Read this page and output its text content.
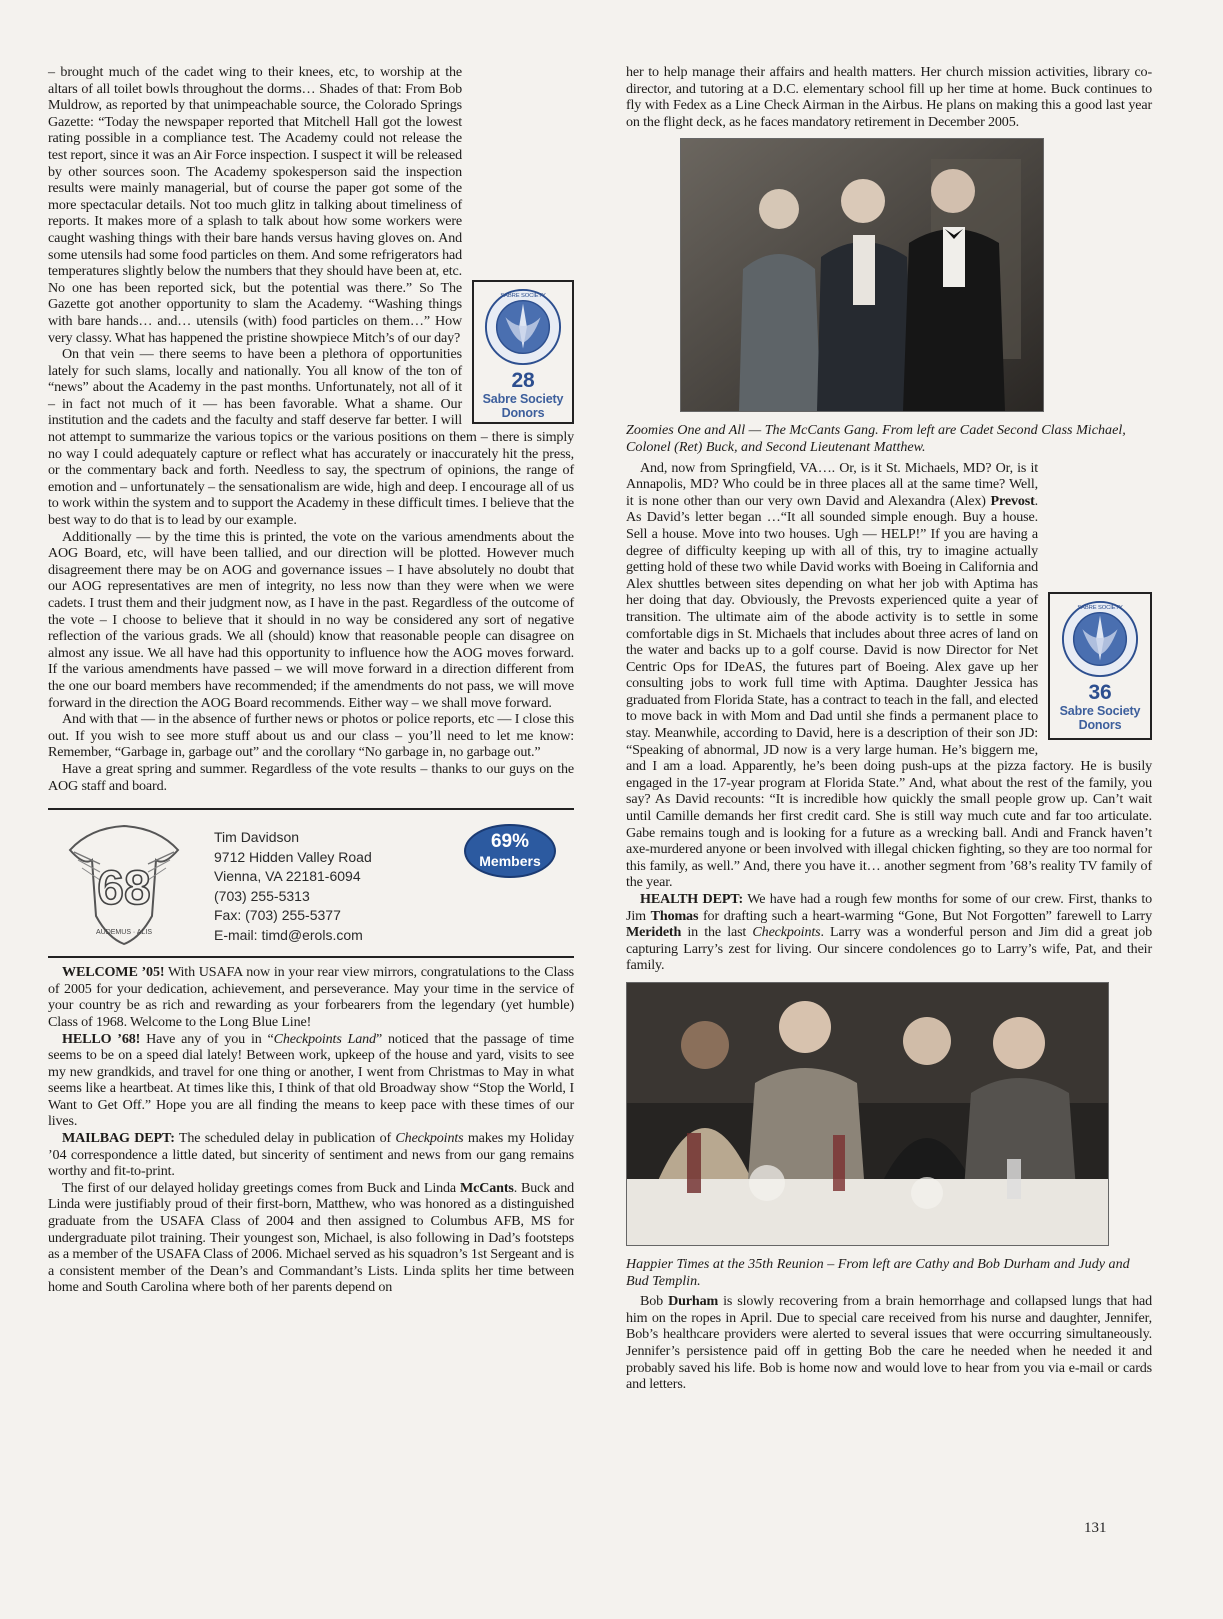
SABRE SOCIETY
28
Sabre Society
Donors

– brought much of the cadet wing to their knees, etc, to worship at the altars of all toilet bowls throughout the dorms… Shades of that: From Bob Muldrow, as reported by that unimpeachable source, the Colorado Springs Gazette: “Today the newspaper reported that Mitchell Hall got the lowest rating possible in a compliance test. The Academy could not release the test report, since it was an Air Force inspection. I suspect it will be released by other sources soon. The Academy spokesperson said the inspection results were mainly managerial, but of course the paper got some of the more spectacular details. Not too much glitz in talking about timeliness of reports. It makes more of a splash to talk about how some workers were caught washing things with their bare hands versus having gloves on. And some utensils had some food particles on them. And some refrigerators had temperatures slightly below the numbers that they should have been at, etc. No one has been reported sick, but the potential was there.” So The Gazette got another opportunity to slam the Academy. “Washing things with bare hands… and… utensils (with) food particles on them…” How very classy. What has happened the pristine showpiece Mitch’s of our day?

On that vein — there seems to have been a plethora of opportunities lately for such slams, locally and nationally. You all know of the ton of “news” about the Academy in the past months. Unfortunately, not all of it – in fact not much of it — has been favorable. What a shame. Our institution and the cadets and the faculty and staff deserve far better. I will not attempt to summarize the various topics or the various positions on them – there is simply no way I could adequately capture or reflect what has accurately or inaccurately hit the press, or the commentary back and forth. Needless to say, the spectrum of opinions, the range of emotion and – unfortunately – the sensationalism are wide, high and deep. I encourage all of us to work within the system and to support the Academy in these difficult times. I believe that the best way to do that is to lead by our example.

Additionally — by the time this is printed, the vote on the various amendments about the AOG Board, etc, will have been tallied, and our direction will be plotted. However much disagreement there may be on AOG and governance issues – I have absolutely no doubt that our AOG representatives are men of integrity, no less now than they were when we were cadets. I trust them and their judgment now, as I have in the past. Regardless of the outcome of the vote – I choose to believe that it should in no way be considered any sort of negative reflection of the various grads. We all (should) know that reasonable people can disagree on almost any issue. We all have had this opportunity to influence how the AOG moves forward. If the various amendments have passed – we will move forward in a direction different from the one our board members have recommended; if the amendments do not pass, we will move forward in the direction the AOG Board recommends. Either way – we shall move forward.

And with that — in the absence of further news or photos or police reports, etc — I close this out. If you wish to see more stuff about us and our class – you’ll need to let me know: Remember, “Garbage in, garbage out” and the corollary “No garbage in, no garbage out.”

Have a great spring and summer. Regardless of the vote results – thanks to our guys on the AOG staff and board.

68
AUDEMUS · ALIS
Tim Davidson
9712 Hidden Valley Road
Vienna, VA 22181-6094
(703) 255-5313
Fax: (703) 255-5377
E-mail: timd@erols.com
69%
Members

WELCOME ’05! With USAFA now in your rear view mirrors, congratulations to the Class of 2005 for your dedication, achievement, and perseverance. May your time in the service of your country be as rich and rewarding as your forbearers from the legendary (yet humble) Class of 1968. Welcome to the Long Blue Line!

HELLO ’68! Have any of you in “Checkpoints Land” noticed that the passage of time seems to be on a speed dial lately! Between work, upkeep of the house and yard, visits to see my new grandkids, and travel for one thing or another, I went from Christmas to May in what seems like a heartbeat. At times like this, I think of that old Broadway show “Stop the World, I Want to Get Off.” Hope you are all finding the means to keep pace with these times of our lives.

MAILBAG DEPT: The scheduled delay in publication of Checkpoints makes my Holiday ’04 correspondence a little dated, but sincerity of sentiment and news from our gang remains worthy and fit-to-print.

The first of our delayed holiday greetings comes from Buck and Linda McCants. Buck and Linda were justifiably proud of their first-born, Matthew, who was honored as a distinguished graduate from the USAFA Class of 2004 and then assigned to Columbus AFB, MS for undergraduate pilot training. Their youngest son, Michael, is also following in Dad’s footsteps as a member of the USAFA Class of 2006. Michael served as his squadron’s 1st Sergeant and is a consistent member of the Dean’s and Commandant’s Lists. Linda splits her time between home and South Carolina where both of her parents depend on

her to help manage their affairs and health matters. Her church mission activities, library co-director, and tutoring at a D.C. elementary school fill up her time at home. Buck continues to fly with Fedex as a Line Check Airman in the Airbus. He plans on making this a good last year on the flight deck, as he faces mandatory retirement in December 2005.

Zoomies One and All — The McCants Gang. From left are Cadet Second Class Michael, Colonel (Ret) Buck, and Second Lieutenant Matthew.
SABRE SOCIETY
36
Sabre Society
Donors

And, now from Springfield, VA…. Or, is it St. Michaels, MD? Or, is it Annapolis, MD? Who could be in three places all at the same time? Well, it is none other than our very own David and Alexandra (Alex) Prevost. As David’s letter began …“It all sounded simple enough. Buy a house. Sell a house. Move into two houses. Ugh — HELP!” If you are having a degree of difficulty keeping up with all of this, try to imagine actually getting hold of these two while David works with Boeing in California and Alex shuttles between sites depending on what her job with Aptima has her doing that day. Obviously, the Prevosts experienced quite a year of transition. The ultimate aim of the abode activity is to settle in some comfortable digs in St. Michaels that includes about three acres of land on the water and backs up to a golf course. David is now Director for Net Centric Ops for IDeAS, the futures part of Boeing. Alex gave up her consulting jobs to work full time with Aptima. Daughter Jessica has graduated from Florida State, has a contract to teach in the fall, and elected to move back in with Mom and Dad until she finds a permanent place to stay. Meanwhile, according to David, here is a description of their son JD: “Speaking of abnormal, JD now is a very large human. He’s biggern me, and I am a load. Apparently, he’s been doing push-ups at the pizza factory. He is busily engaged in the 17-year program at Florida State.” And, what about the rest of the family, you say? As David recounts: “It is incredible how quickly the small people grow up. Can’t wait until Camille demands her first credit card. She is still way much cute and far too articulate. Gabe remains tough and is looking for a future as a wrecking ball. Andi and Franck haven’t axe-murdered anyone or been involved with illegal chicken fighting, so they are too normal for this family, as well.” And, there you have it… another segment from ’68’s reality TV family of the year.

HEALTH DEPT: We have had a rough few months for some of our crew. First, thanks to Jim Thomas for drafting such a heart-warming “Gone, But Not Forgotten” farewell to Larry Merideth in the last Checkpoints. Larry was a wonderful person and Jim did a great job capturing Larry’s zest for living. Our sincere condolences go to Larry’s wife, Pat, and their family.

Happier Times at the 35th Reunion – From left are Cathy and Bob Durham and Judy and Bud Templin.

Bob Durham is slowly recovering from a brain hemorrhage and collapsed lungs that had him on the ropes in April. Due to special care received from his nurse and daughter, Jennifer, Bob’s healthcare providers were alerted to several issues that were occurring simultaneously. Jennifer’s persistence paid off in getting Bob the care he needed when he needed it and probably saved his life. Bob is home now and would love to hear from you via e-mail or cards and letters.

131
